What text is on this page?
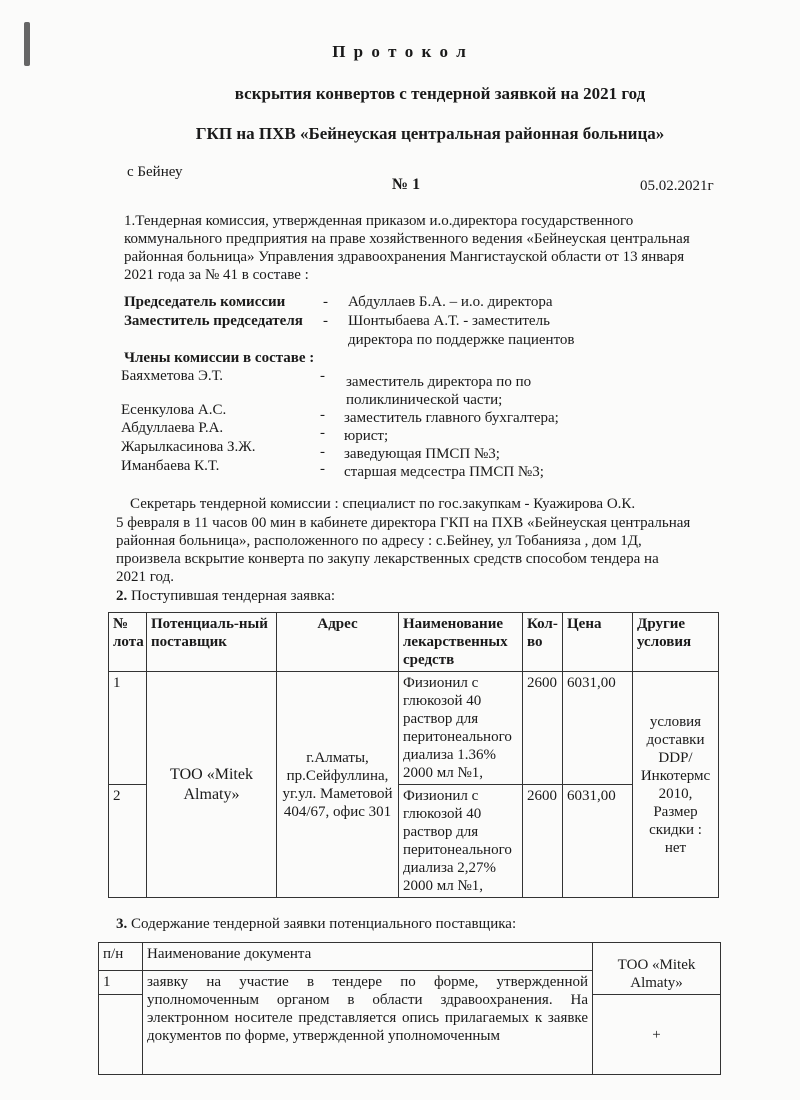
П р о т о к о л
вскрытия конвертов с тендерной заявкой на 2021 год
ГКП на ПХВ «Бейнеуская центральная районная больница»
с Бейнеу
№ 1	05.02.2021г
1.Тендерная комиссия, утвержденная приказом и.о.директора государственного
коммунального предприятия на праве хозяйственного ведения «Бейнеуская центральная
районная больница» Управления здравоохранения Мангистауской области от 13 января
2021 года за № 41 в составе :
Председатель комиссии	- Абдуллаев Б.А. – и.о. директора
Заместитель председателя - Шонтыбаева А.Т. - заместитель
директора по поддержке пациентов
Члены комиссии в составе :
Баяхметова Э.Т.	- заместитель директора по по
поликлинической части;
Есенкулова А.С.	- заместитель главного бухгалтера;
Абдуллаева Р.А.	- юрист;
Жарылкасинова З.Ж.	- заведующая ПМСП №3;
Иманбаева К.Т.	- старшая медсестра ПМСП №3;
Секретарь тендерной комиссии : специалист по гос.закупкам - Куажирова О.К.
5 февраля в 11 часов 00 мин в кабинете директора ГКП на ПХВ «Бейнеуская центральная
районная больница», расположенного по адресу : с.Бейнеу, ул Тобанияза , дом 1Д,
произвела вскрытие конверта по закупу лекарственных средств способом тендера на
2021 год.
2. Поступившая тендерная заявка:
№ лота	Потенциаль-ный поставщик	Адрес	Наименование лекарственных средств	Кол-во	Цена	Другие условия
1	ТОО «Mitek Almaty»	г.Алматы, пр.Сейфуллина, уг.ул. Маметовой 404/67, офис 301	Физионил с глюкозой 40 раствор для перитонеального диализа 1.36% 2000 мл №1,	2600	6031,00	условия доставки DDP/ Инкотермс 2010, Размер скидки : нет
2			Физионил с глюкозой 40 раствор для перитонеального диализа 2,27% 2000 мл №1,	2600	6031,00	
3. Содержание тендерной заявки потенциального поставщика:
п/н	Наименование документа	ТОО «Mitek Almaty»
1	заявку на участие в тендере по форме, утвержденной уполномоченным органом в области здравоохранения. На электронном носителе представляется опись прилагаемых к заявке документов по форме, утвержденной уполномоченным	
		+
